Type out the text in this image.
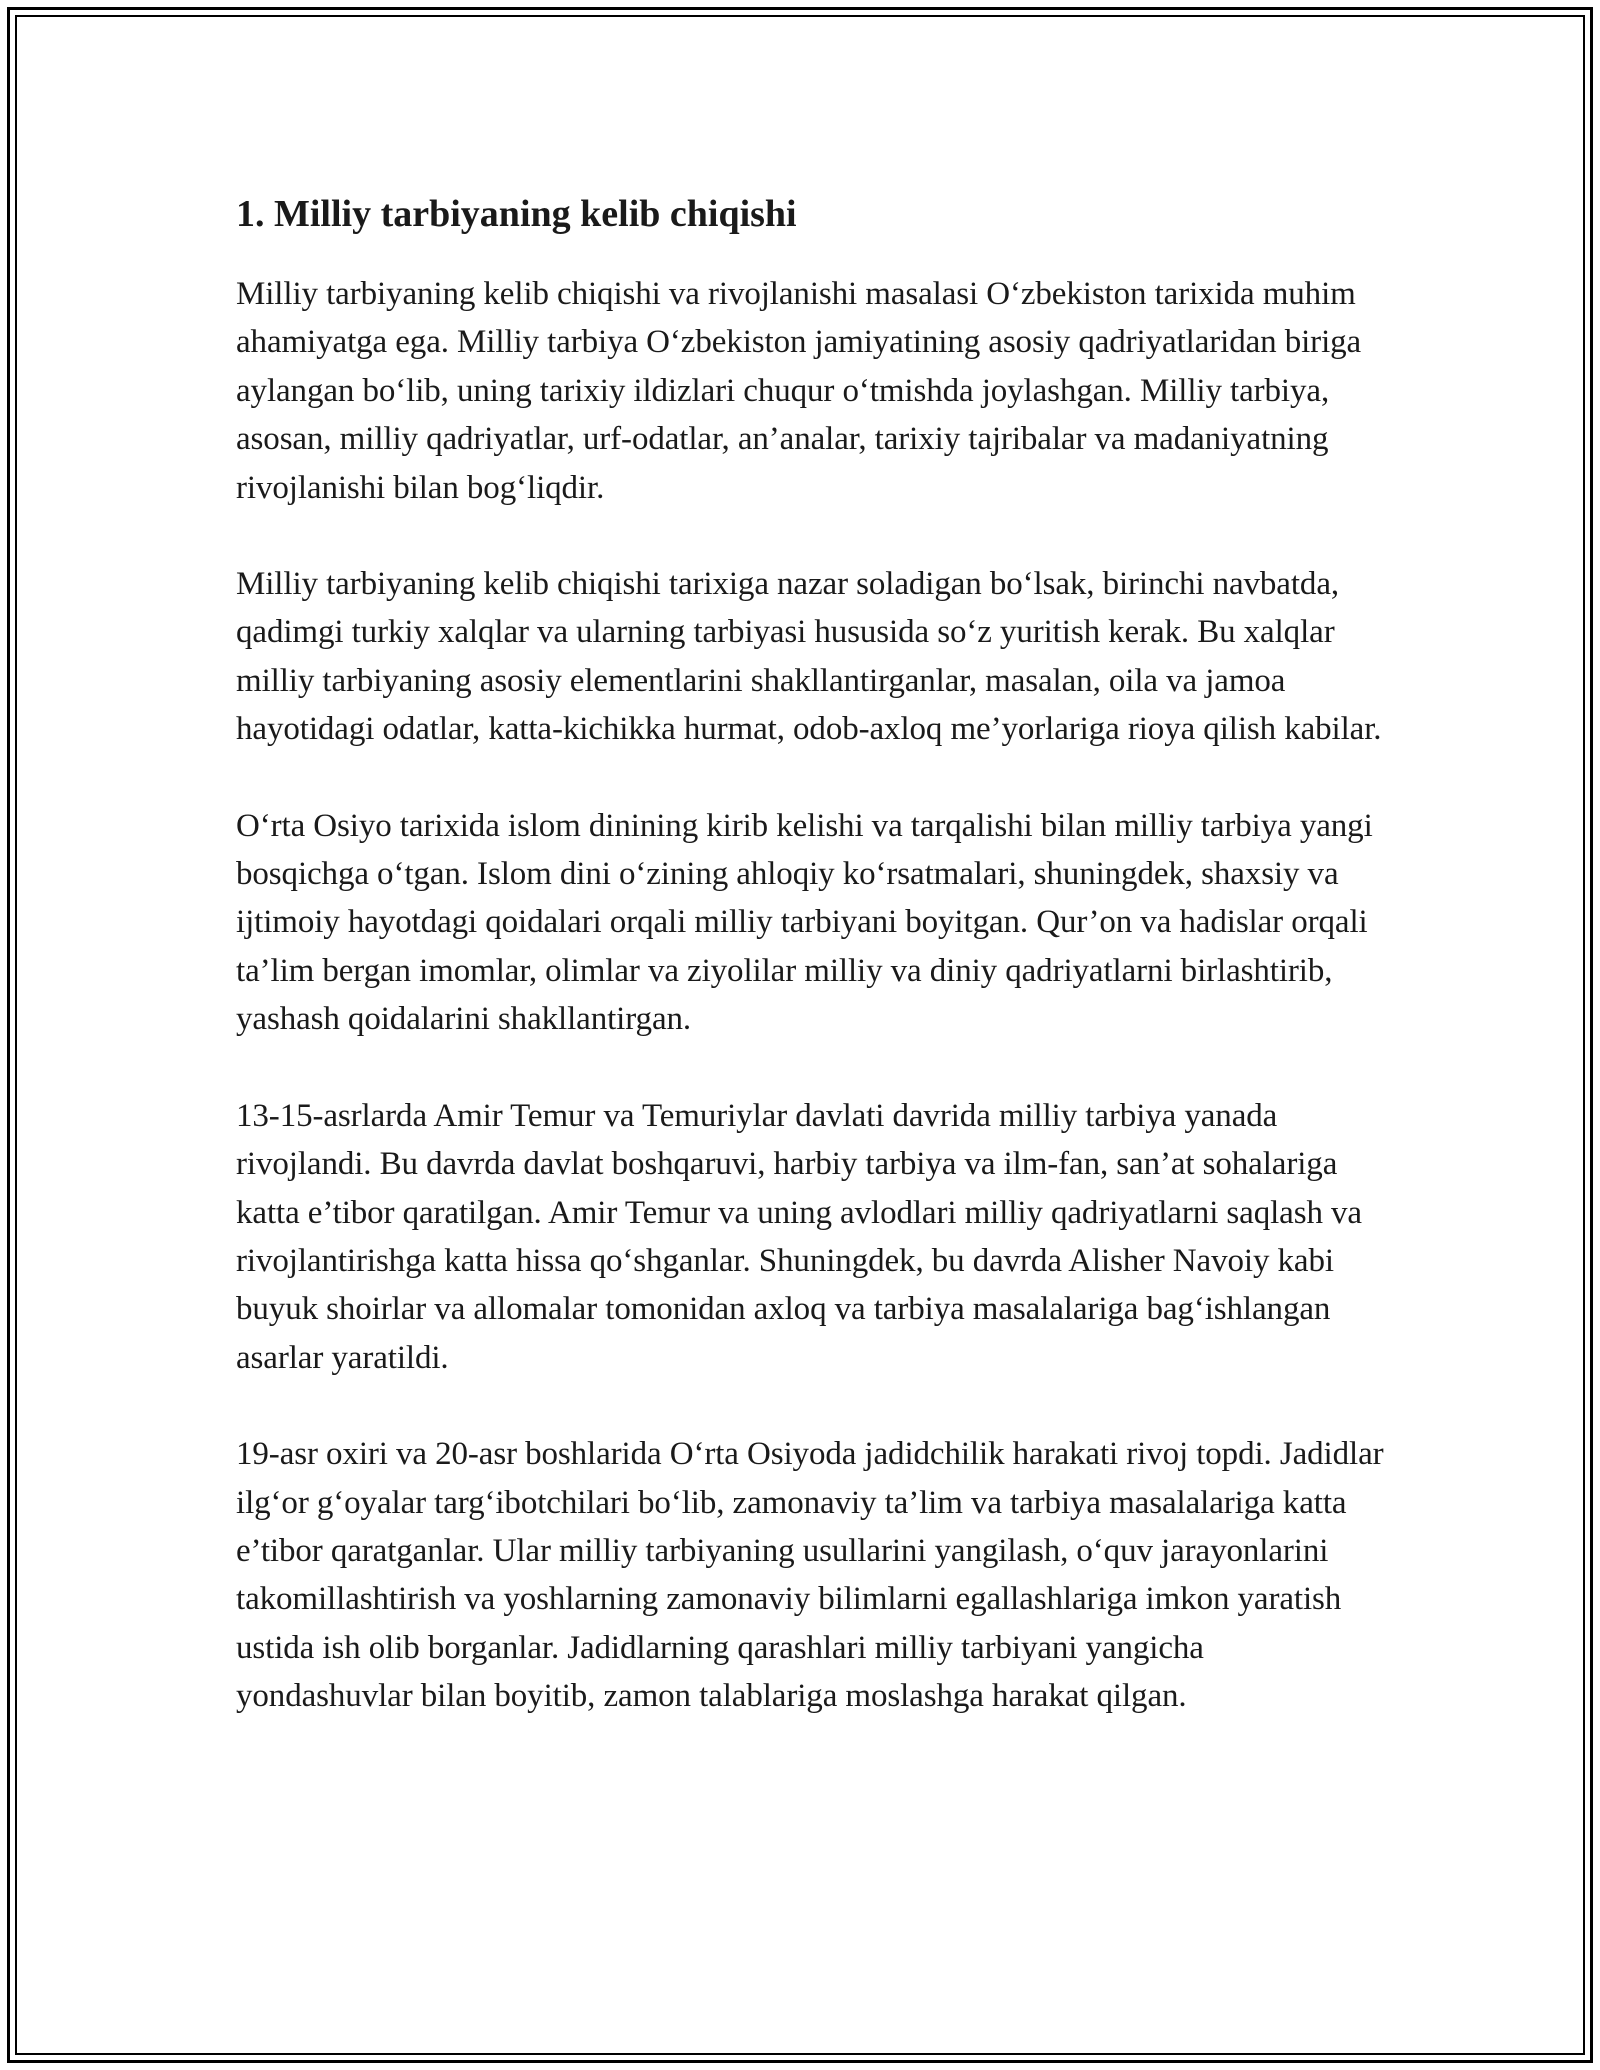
1. Milliy tarbiyaning kelib chiqishi

Milliy tarbiyaning kelib chiqishi va rivojlanishi masalasi O‘zbekiston tarixida muhim ahamiyatga ega. Milliy tarbiya O‘zbekiston jamiyatining asosiy qadriyatlaridan biriga aylangan bo‘lib, uning tarixiy ildizlari chuqur o‘tmishda joylashgan. Milliy tarbiya, asosan, milliy qadriyatlar, urf-odatlar, an’analar, tarixiy tajribalar va madaniyatning rivojlanishi bilan bog‘liqdir.

Milliy tarbiyaning kelib chiqishi tarixiga nazar soladigan bo‘lsak, birinchi navbatda, qadimgi turkiy xalqlar va ularning tarbiyasi hususida so‘z yuritish kerak. Bu xalqlar milliy tarbiyaning asosiy elementlarini shakllantirganlar, masalan, oila va jamoa hayotidagi odatlar, katta-kichikka hurmat, odob-axloq me’yorlariga rioya qilish kabilar.

O‘rta Osiyo tarixida islom dinining kirib kelishi va tarqalishi bilan milliy tarbiya yangi bosqichga o‘tgan. Islom dini o‘zining ahloqiy ko‘rsatmalari, shuningdek, shaxsiy va ijtimoiy hayotdagi qoidalari orqali milliy tarbiyani boyitgan. Qur’on va hadislar orqali ta’lim bergan imomlar, olimlar va ziyolilar milliy va diniy qadriyatlarni birlashtirib, yashash qoidalarini shakllantirgan.

13-15-asrlarda Amir Temur va Temuriylar davlati davrida milliy tarbiya yanada rivojlandi. Bu davrda davlat boshqaruvi, harbiy tarbiya va ilm-fan, san’at sohalariga katta e’tibor qaratilgan. Amir Temur va uning avlodlari milliy qadriyatlarni saqlash va rivojlantirishga katta hissa qo‘shganlar. Shuningdek, bu davrda Alisher Navoiy kabi buyuk shoirlar va allomalar tomonidan axloq va tarbiya masalalariga bag‘ishlangan asarlar yaratildi.

19-asr oxiri va 20-asr boshlarida O‘rta Osiyoda jadidchilik harakati rivoj topdi. Jadidlar ilg‘or g‘oyalar targ‘ibotchilari bo‘lib, zamonaviy ta’lim va tarbiya masalalariga katta e’tibor qaratganlar. Ular milliy tarbiyaning usullarini yangilash, o‘quv jarayonlarini takomillashtirish va yoshlarning zamonaviy bilimlarni egallashlariga imkon yaratish ustida ish olib borganlar. Jadidlarning qarashlari milliy tarbiyani yangicha yondashuvlar bilan boyitib, zamon talablariga moslashga harakat qilgan.
